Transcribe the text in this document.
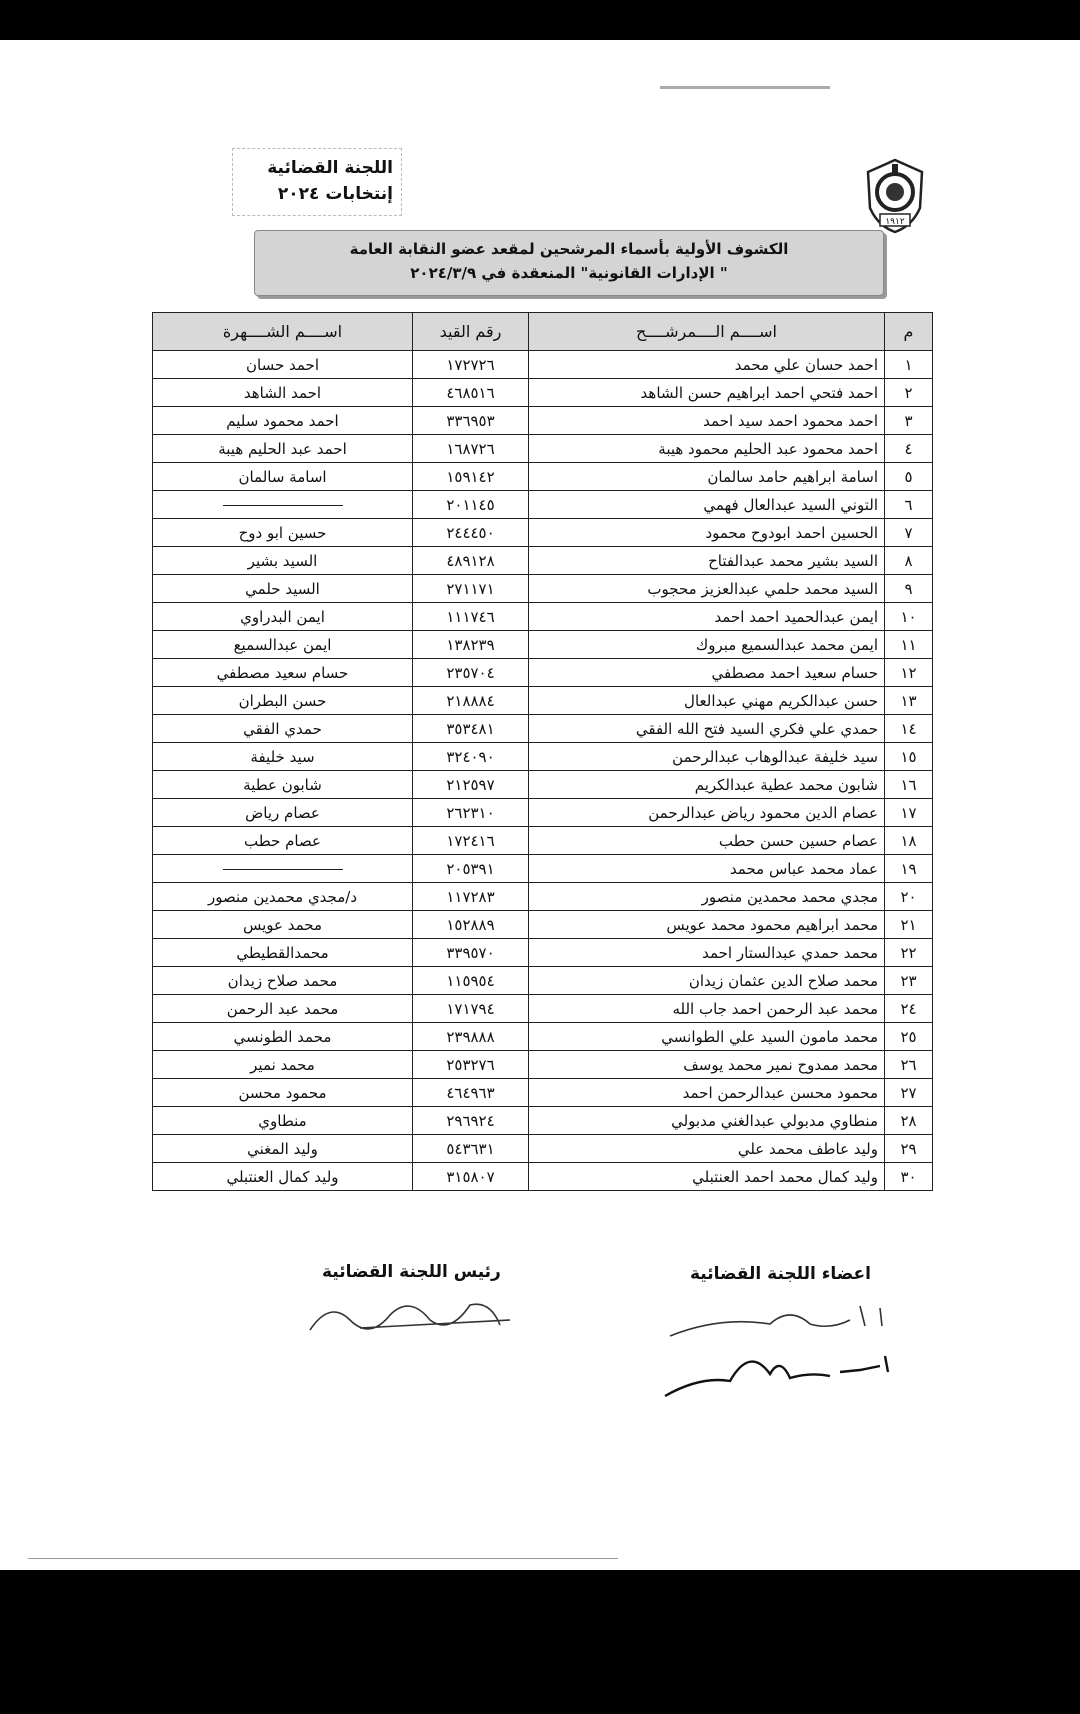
اللجنة القضائية
إنتخابات ٢٠٢٤
١٩١٢
الكشوف الأولية بأسماء المرشحين لمقعد عضو النقابة العامة
" الإدارات القانونية" المنعقدة في ٢٠٢٤/٣/٩
م	اســــم الــــمرشــــح	رقم القيد	اســــم الشــــهرة
١	احمد حسان علي محمد	١٧٢٧٢٦	احمد حسان
٢	احمد فتحي احمد ابراهيم حسن الشاهد	٤٦٨٥١٦	احمد الشاهد
٣	احمد محمود احمد سيد احمد	٣٣٦٩٥٣	احمد محمود سليم
٤	احمد محمود عبد الحليم محمود هيبة	١٦٨٧٢٦	احمد عبد الحليم هيبة
٥	اسامة ابراهيم حامد سالمان	١٥٩١٤٢	اسامة سالمان
٦	التوني السيد عبدالعال فهمي	٢٠١١٤٥	
٧	الحسين احمد ابودوح محمود	٢٤٤٤٥٠	حسين ابو دوح
٨	السيد بشير محمد عبدالفتاح	٤٨٩١٢٨	السيد بشير
٩	السيد محمد حلمي عبدالعزيز محجوب	٢٧١١٧١	السيد حلمي
١٠	ايمن عبدالحميد احمد احمد	١١١٧٤٦	ايمن البدراوي
١١	ايمن محمد عبدالسميع مبروك	١٣٨٢٣٩	ايمن عبدالسميع
١٢	حسام سعيد احمد مصطفي	٢٣٥٧٠٤	حسام سعيد مصطفي
١٣	حسن عبدالكريم مهني عبدالعال	٢١٨٨٨٤	حسن البطران
١٤	حمدي علي فكري السيد فتح الله الفقي	٣٥٣٤٨١	حمدي الفقي
١٥	سيد خليفة عبدالوهاب عبدالرحمن	٣٢٤٠٩٠	سيد خليفة
١٦	شابون محمد عطية عبدالكريم	٢١٢٥٩٧	شابون عطية
١٧	عصام الدين محمود رياض عبدالرحمن	٢٦٢٣١٠	عصام رياض
١٨	عصام حسين حسن حطب	١٧٢٤١٦	عصام حطب
١٩	عماد محمد عباس محمد	٢٠٥٣٩١	
٢٠	مجدي محمد محمدين منصور	١١٧٢٨٣	د/مجدي محمدين منصور
٢١	محمد ابراهيم محمود محمد عويس	١٥٢٨٨٩	محمد عويس
٢٢	محمد حمدي عبدالستار احمد	٣٣٩٥٧٠	محمدالقطيطي
٢٣	محمد صلاح الدين عثمان زيدان	١١٥٩٥٤	محمد صلاح زيدان
٢٤	محمد عبد الرحمن احمد جاب الله	١٧١٧٩٤	محمد عبد الرحمن
٢٥	محمد مامون السيد علي الطوانسي	٢٣٩٨٨٨	محمد الطونسي
٢٦	محمد ممدوح نمير محمد يوسف	٢٥٣٢٧٦	محمد نمير
٢٧	محمود محسن عبدالرحمن احمد	٤٦٤٩٦٣	محمود محسن
٢٨	منطاوي مدبولي عبدالغني مدبولي	٢٩٦٩٢٤	منطاوي
٢٩	وليد عاطف محمد علي	٥٤٣٦٣١	وليد المغني
٣٠	وليد كمال محمد احمد العنتبلي	٣١٥٨٠٧	وليد كمال العنتبلي
رئيس اللجنة القضائية	اعضاء اللجنة القضائية
